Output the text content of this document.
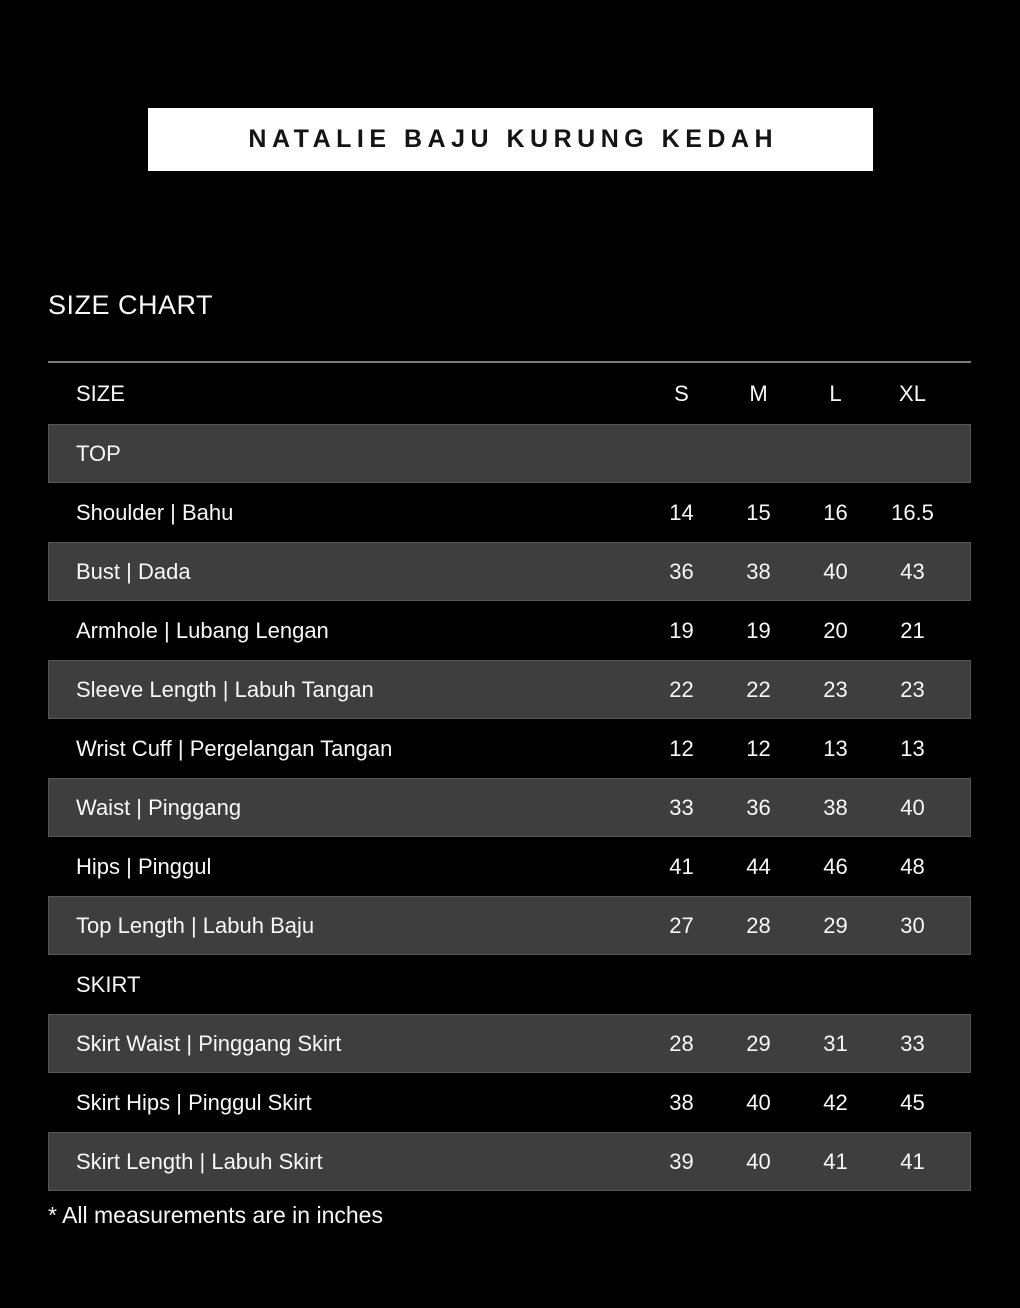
NATALIE BAJU KURUNG KEDAH
SIZE CHART
SIZE	S	M	L	XL
TOP
Shoulder | Bahu	14	15	16	16.5
Bust | Dada	36	38	40	43
Armhole | Lubang Lengan	19	19	20	21
Sleeve Length | Labuh Tangan	22	22	23	23
Wrist Cuff | Pergelangan Tangan	12	12	13	13
Waist | Pinggang	33	36	38	40
Hips | Pinggul	41	44	46	48
Top Length | Labuh Baju	27	28	29	30
SKIRT
Skirt Waist | Pinggang Skirt	28	29	31	33
Skirt Hips | Pinggul Skirt	38	40	42	45
Skirt Length | Labuh Skirt	39	40	41	41
* All measurements are in inches
